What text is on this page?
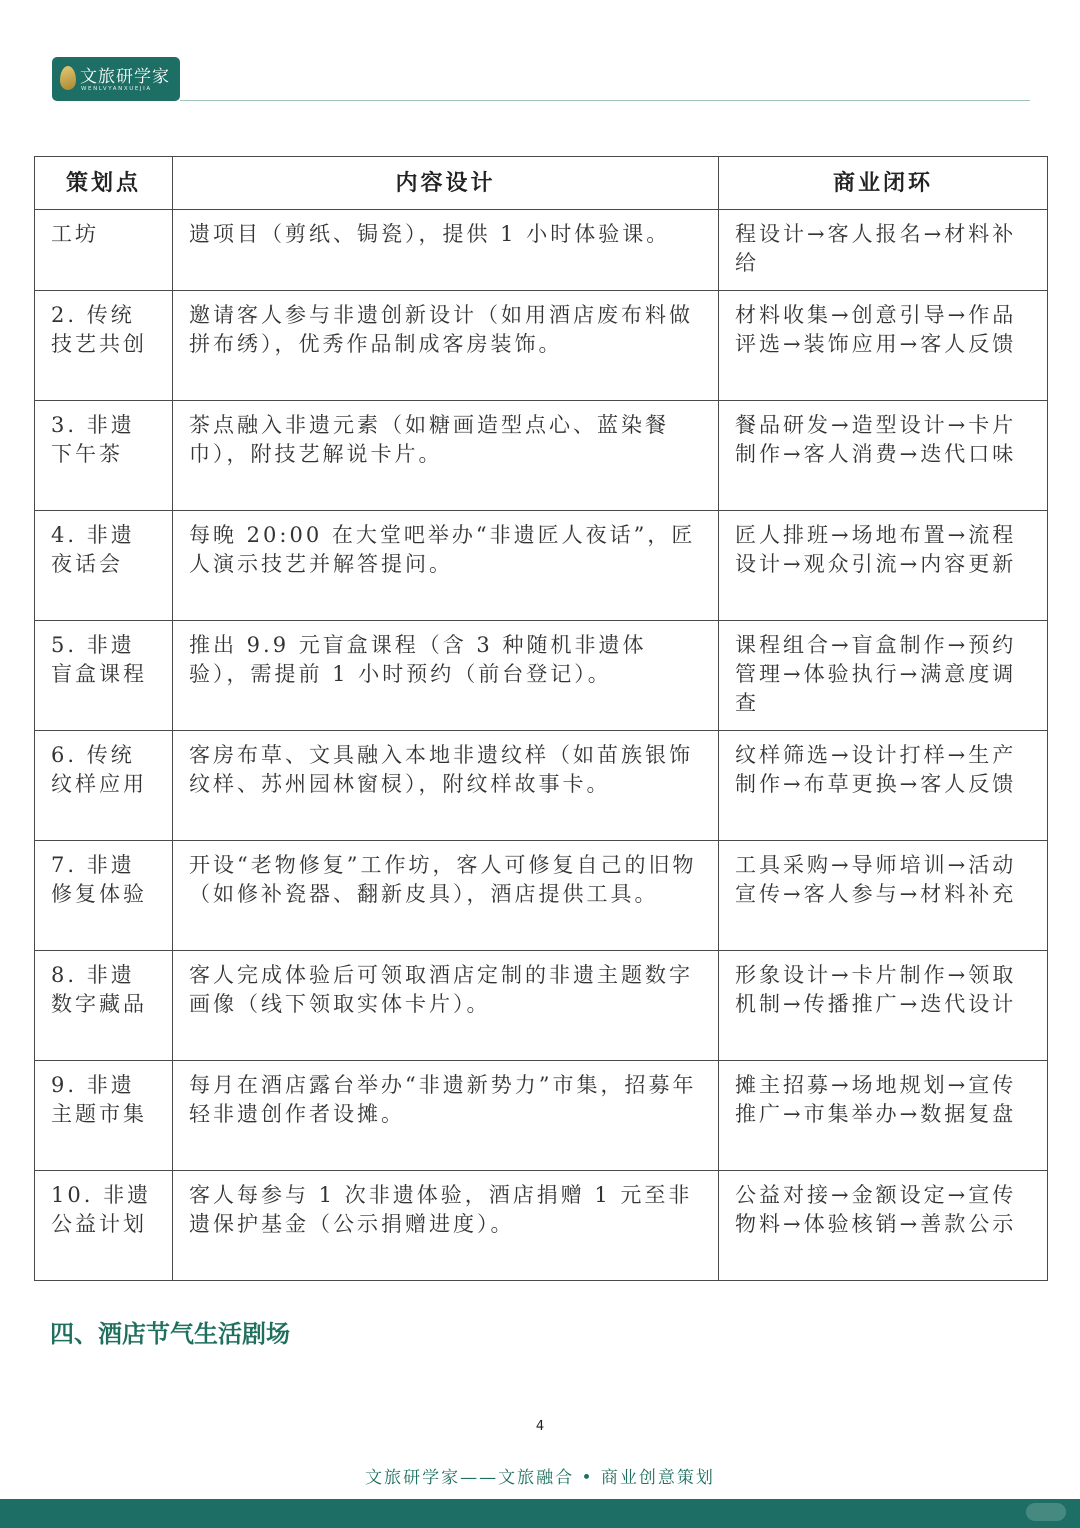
文旅研学家
WENLVYANXUEJIA
策划点	内容设计	商业闭环
工坊	遗项目（剪纸、锔瓷），提供 1 小时体验课。	程设计→客人报名→材料补给
2. 传统技艺共创	邀请客人参与非遗创新设计（如用酒店废布料做拼布绣），优秀作品制成客房装饰。	材料收集→创意引导→作品评选→装饰应用→客人反馈
3. 非遗下午茶	茶点融入非遗元素（如糖画造型点心、蓝染餐巾），附技艺解说卡片。	餐品研发→造型设计→卡片制作→客人消费→迭代口味
4. 非遗夜话会	每晚 20:00 在大堂吧举办“非遗匠人夜话”，匠人演示技艺并解答提问。	匠人排班→场地布置→流程设计→观众引流→内容更新
5. 非遗盲盒课程	推出 9.9 元盲盒课程（含 3 种随机非遗体验），需提前 1 小时预约（前台登记）。	课程组合→盲盒制作→预约管理→体验执行→满意度调查
6. 传统纹样应用	客房布草、文具融入本地非遗纹样（如苗族银饰纹样、苏州园林窗棂），附纹样故事卡。	纹样筛选→设计打样→生产制作→布草更换→客人反馈
7. 非遗修复体验	开设“老物修复”工作坊，客人可修复自己的旧物（如修补瓷器、翻新皮具），酒店提供工具。	工具采购→导师培训→活动宣传→客人参与→材料补充
8. 非遗数字藏品	客人完成体验后可领取酒店定制的非遗主题数字画像（线下领取实体卡片）。	形象设计→卡片制作→领取机制→传播推广→迭代设计
9. 非遗主题市集	每月在酒店露台举办“非遗新势力”市集，招募年轻非遗创作者设摊。	摊主招募→场地规划→宣传推广→市集举办→数据复盘
10. 非遗公益计划	客人每参与 1 次非遗体验，酒店捐赠 1 元至非遗保护基金（公示捐赠进度）。	公益对接→金额设定→宣传物料→体验核销→善款公示
四、酒店节气生活剧场
4
文旅研学家——文旅融合 • 商业创意策划
